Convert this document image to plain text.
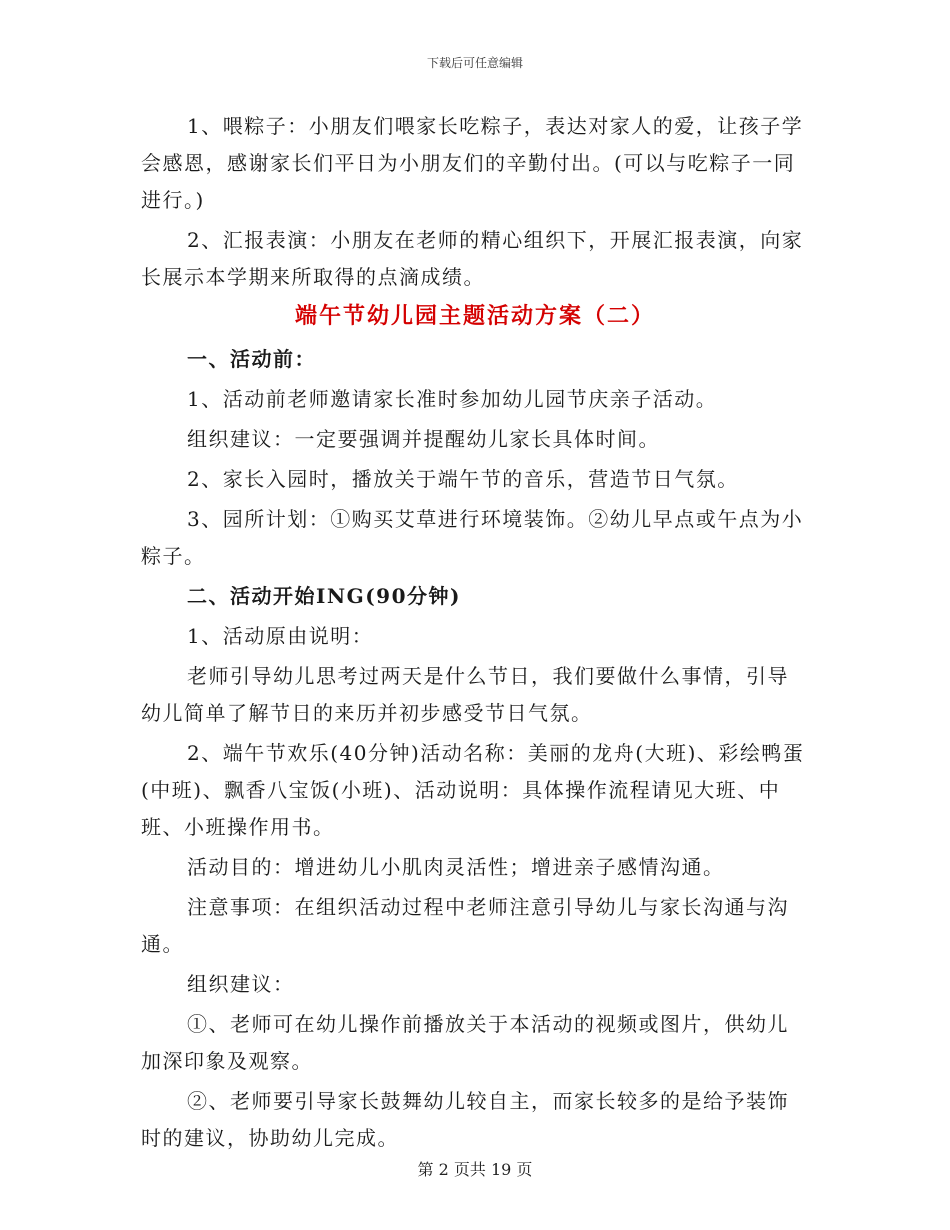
下载后可任意编辑

1、喂粽子：小朋友们喂家长吃粽子，表达对家人的爱，让孩子学会感恩，感谢家长们平日为小朋友们的辛勤付出。(可以与吃粽子一同进行。)

2、汇报表演：小朋友在老师的精心组织下，开展汇报表演，向家长展示本学期来所取得的点滴成绩。

端午节幼儿园主题活动方案（二）

一、活动前：

1、活动前老师邀请家长准时参加幼儿园节庆亲子活动。

组织建议：一定要强调并提醒幼儿家长具体时间。

2、家长入园时，播放关于端午节的音乐，营造节日气氛。

3、园所计划：①购买艾草进行环境装饰。②幼儿早点或午点为小粽子。

二、活动开始ING(90分钟)

1、活动原由说明：

老师引导幼儿思考过两天是什么节日，我们要做什么事情，引导幼儿简单了解节日的来历并初步感受节日气氛。

2、端午节欢乐(40分钟)活动名称：美丽的龙舟(大班)、彩绘鸭蛋(中班)、飘香八宝饭(小班)、活动说明：具体操作流程请见大班、中班、小班操作用书。

活动目的：增进幼儿小肌肉灵活性；增进亲子感情沟通。

注意事项：在组织活动过程中老师注意引导幼儿与家长沟通与沟通。

组织建议：

①、老师可在幼儿操作前播放关于本活动的视频或图片，供幼儿加深印象及观察。

②、老师要引导家长鼓舞幼儿较自主，而家长较多的是给予装饰时的建议，协助幼儿完成。

第 2 页共 19 页
